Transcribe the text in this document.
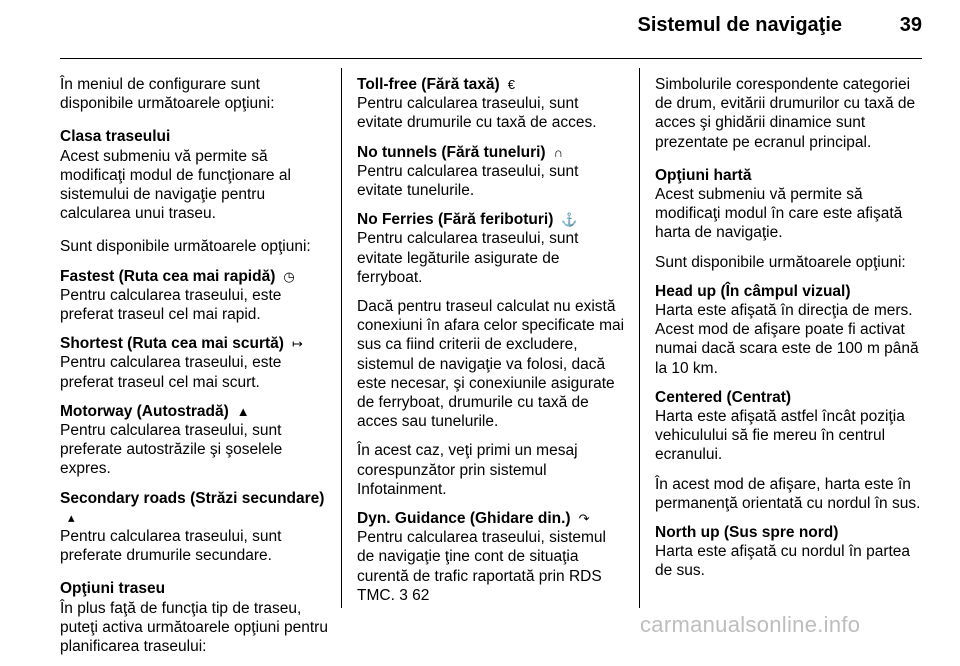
Sistemul de navigaţie	39

În meniul de configurare sunt disponibile următoarele opţiuni:

Clasa traseului
Acest submeniu vă permite să modificaţi modul de funcţionare al sistemului de navigaţie pentru calcularea unui traseu.

Sunt disponibile următoarele opţiuni:

Fastest (Ruta cea mai rapidă) ◷
Pentru calcularea traseului, este preferat traseul cel mai rapid.

Shortest (Ruta cea mai scurtă) ↦
Pentru calcularea traseului, este preferat traseul cel mai scurt.

Motorway (Autostradă) ▲
Pentru calcularea traseului, sunt preferate autostrăzile şi şoselele expres.

Secondary roads (Străzi secundare)▴
Pentru calcularea traseului, sunt preferate drumurile secundare.

Opţiuni traseu
În plus faţă de funcţia tip de traseu, puteţi activa următoarele opţiuni pentru planificarea traseului:

Toll-free (Fără taxă) €
Pentru calcularea traseului, sunt evitate drumurile cu taxă de acces.

No tunnels (Fără tuneluri) ∩
Pentru calcularea traseului, sunt evitate tunelurile.

No Ferries (Fără feriboturi) ⚓
Pentru calcularea traseului, sunt evitate legăturile asigurate de ferryboat.

Dacă pentru traseul calculat nu există conexiuni în afara celor specificate mai sus ca fiind criterii de excludere, sistemul de navigaţie va folosi, dacă este necesar, şi conexiunile asigurate de ferryboat, drumurile cu taxă de acces sau tunelurile.

În acest caz, veţi primi un mesaj corespunzător prin sistemul Infotainment.

Dyn. Guidance (Ghidare din.) ↷
Pentru calcularea traseului, sistemul de navigaţie ţine cont de situaţia curentă de trafic raportată prin RDS TMC. 3 62

Simbolurile corespondente categoriei de drum, evitării drumurilor cu taxă de acces şi ghidării dinamice sunt prezentate pe ecranul principal.

Opţiuni hartă
Acest submeniu vă permite să modificaţi modul în care este afişată harta de navigaţie.

Sunt disponibile următoarele opţiuni:

Head up (În câmpul vizual)
Harta este afişată în direcţia de mers. Acest mod de afişare poate fi activat numai dacă scara este de 100 m până la 10 km.

Centered (Centrat)
Harta este afişată astfel încât poziţia vehiculului să fie mereu în centrul ecranului.

În acest mod de afişare, harta este în permanenţă orientată cu nordul în sus.

North up (Sus spre nord)
Harta este afişată cu nordul în partea de sus.

carmanualsonline.info
